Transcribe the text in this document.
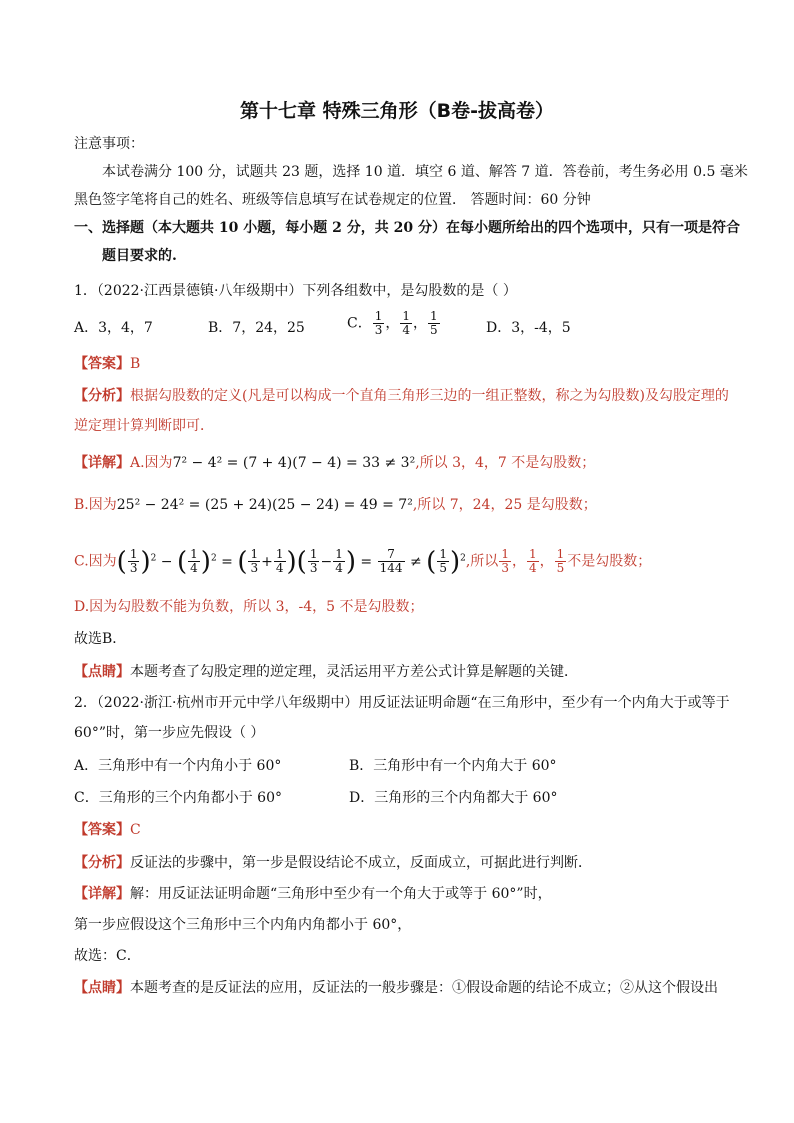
第十七章 特殊三角形（B卷-拔高卷）
注意事项：
本试卷满分 100 分，试题共 23 题，选择 10 道．填空 6 道、解答 7 道．答卷前，考生务必用 0.5 毫米
黑色签字笔将自己的姓名、班级等信息填写在试卷规定的位置． 答题时间：60 分钟
一、选择题（本大题共 10 小题，每小题 2 分，共 20 分）在每小题所给出的四个选项中，只有一项是符合
题目要求的.
1．（2022·江西景德镇·八年级期中）下列各组数中，是勾股数的是（ ）
A．3，4，7	B．7，24，25	C． $\frac{1}{3}$ ， $\frac{1}{4}$ ， $\frac{1}{5}$	D．3，-4，5
【答案】B
【分析】根据勾股数的定义(凡是可以构成一个直角三角形三边的一组正整数，称之为勾股数)及勾股定理的
逆定理计算判断即可．
【详解】A.因为7² − 4² = (7 + 4)(7 − 4) = 33 ≠ 3²,所以 3，4，7 不是勾股数；
B.因为25² − 24² = (25 + 24)(25 − 24) = 49 = 7²,所以 7，24，25 是勾股数；
C.因为( $\frac{1}{3} )^2$ − ( $\frac{1}{4} )^2$ = ( $\frac{1}{3} + \frac{1}{4}$ )( $\frac{1}{3} - \frac{1}{4}$ ) = $\frac{7}{144}$ ≠ ( $\frac{1}{5} )^2$,所以 $\frac{1}{3}$ ， $\frac{1}{4}$ ， $\frac{1}{5}$ 不是勾股数；
D.因为勾股数不能为负数，所以 3，-4，5 不是勾股数；
故选B．
【点睛】本题考查了勾股定理的逆定理，灵活运用平方差公式计算是解题的关键．
2．（2022·浙江·杭州市开元中学八年级期中）用反证法证明命题“在三角形中，至少有一个内角大于或等于
60°”时，第一步应先假设（ ）
A．三角形中有一个内角小于 60°	B．三角形中有一个内角大于 60°
C．三角形的三个内角都小于 60°	D．三角形的三个内角都大于 60°
【答案】C
【分析】反证法的步骤中，第一步是假设结论不成立，反面成立，可据此进行判断．
【详解】解：用反证法证明命题“三角形中至少有一个角大于或等于 60°”时，
第一步应假设这个三角形中三个内角内角都小于 60°，
故选：C．
【点睛】本题考查的是反证法的应用，反证法的一般步骤是：①假设命题的结论不成立；②从这个假设出
